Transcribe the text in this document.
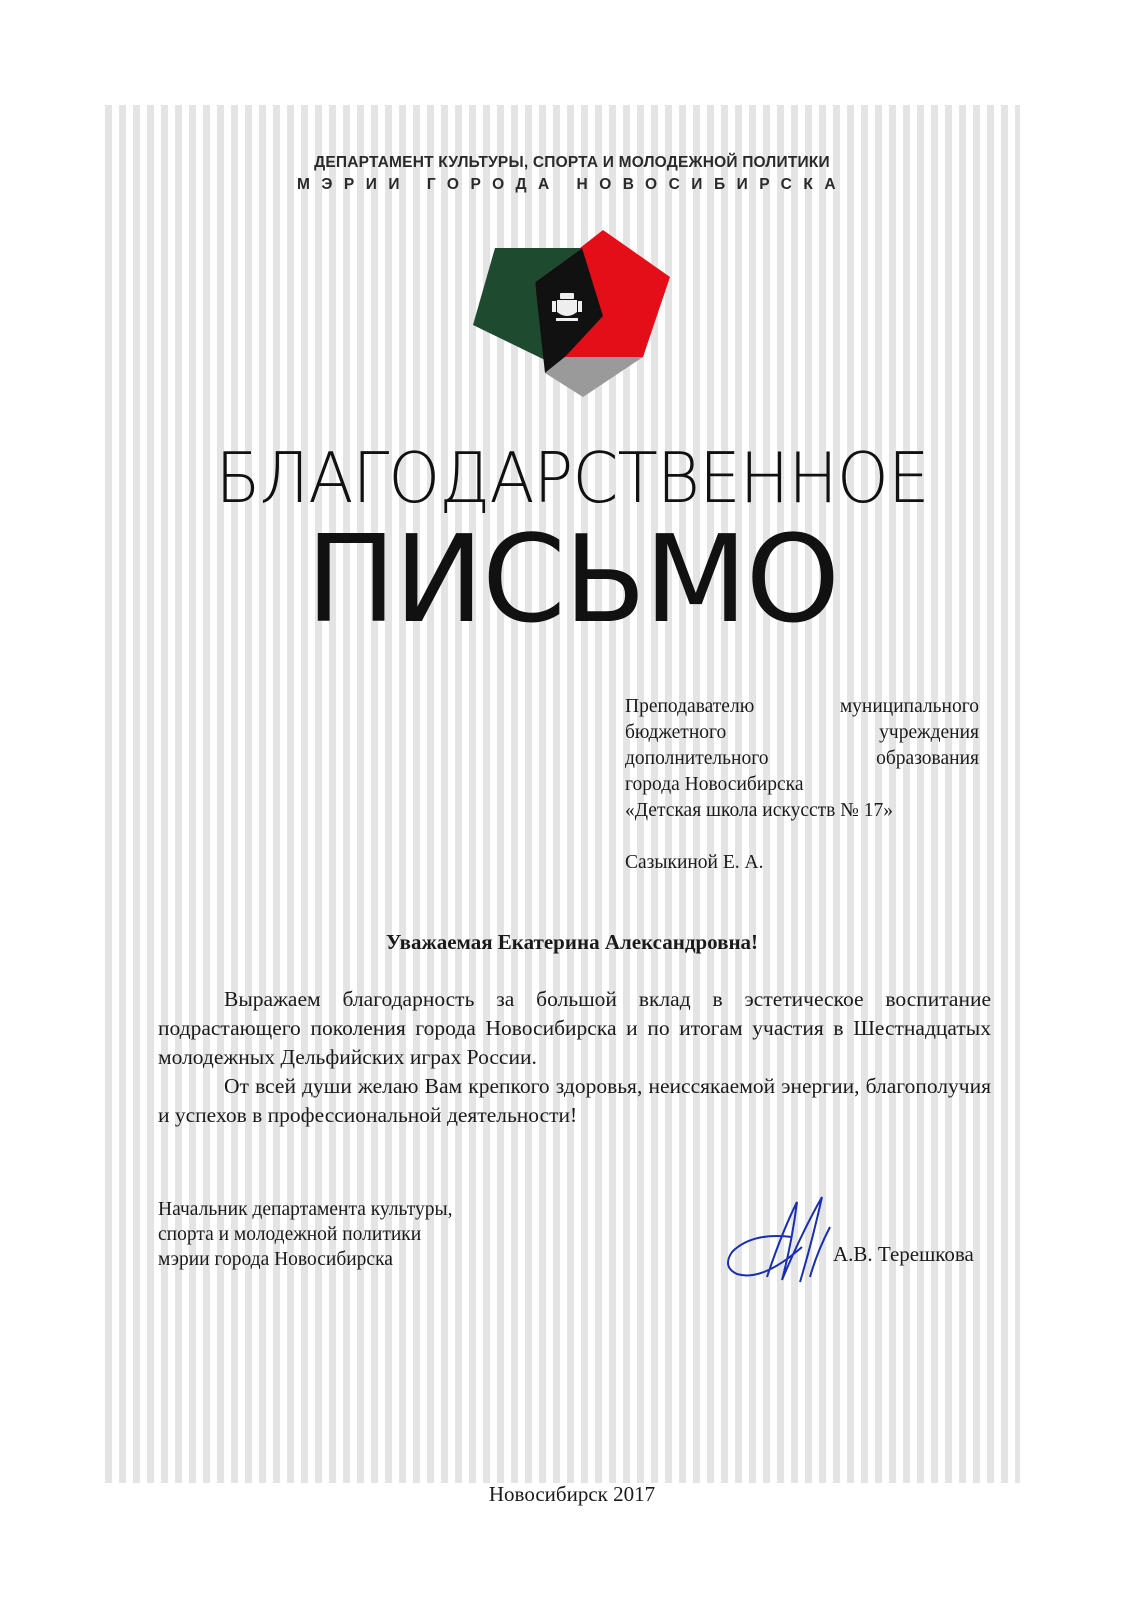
ДЕПАРТАМЕНТ КУЛЬТУРЫ, СПОРТА И МОЛОДЕЖНОЙ ПОЛИТИКИ
МЭРИИ ГОРОДА НОВОСИБИРСКА
БЛАГОДАРСТВЕННОЕ
ПИСЬМО
Преподавателю муниципального
бюджетного учреждения
дополнительного образования
города Новосибирска
«Детская школа искусств № 17»
Сазыкиной Е. А.
Уважаемая Екатерина Александровна!

Выражаем благодарность за большой вклад в эстетическое воспитание подрастающего поколения города Новосибирска и по итогам участия в Шестнадцатых молодежных Дельфийских играх России.

От всей души желаю Вам крепкого здоровья, неиссякаемой энергии, благополучия и успехов в профессиональной деятельности!

Начальник департамента культуры,
спорта и молодежной политики
мэрии города Новосибирска	А.В. Терешкова
Новосибирск 2017
